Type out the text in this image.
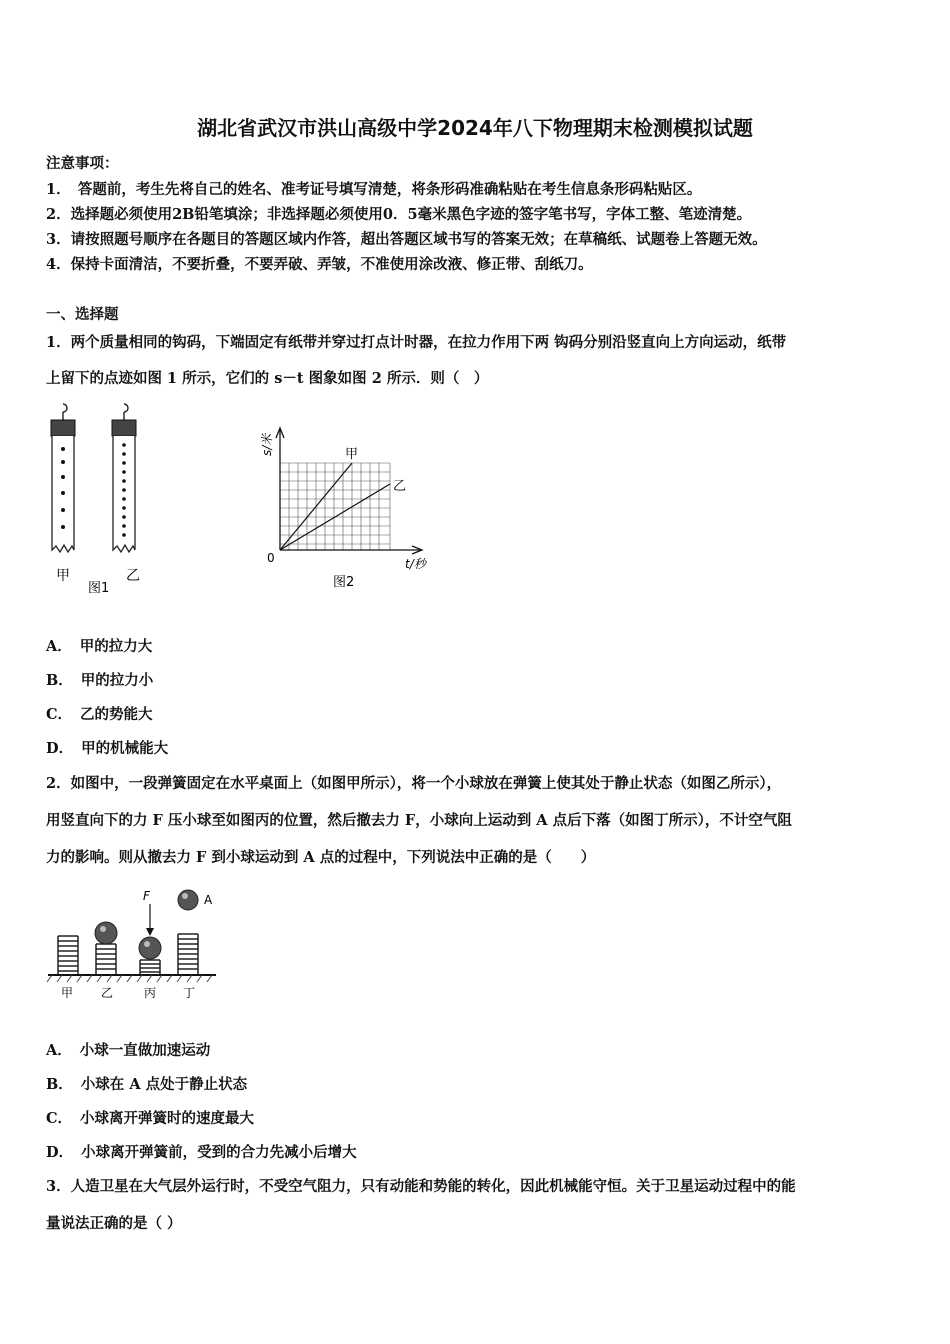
湖北省武汉市洪山高级中学2024年八下物理期末检测模拟试题
注意事项：
1．　答题前，考生先将自己的姓名、准考证号填写清楚，将条形码准确粘贴在考生信息条形码粘贴区。
2．选择题必须使用2B铅笔填涂；非选择题必须使用0．5毫米黑色字迹的签字笔书写，字体工整、笔迹清楚。
3．请按照题号顺序在各题目的答题区域内作答，超出答题区域书写的答案无效；在草稿纸、试题卷上答题无效。
4．保持卡面清洁，不要折叠，不要弄破、弄皱，不准使用涂改液、修正带、刮纸刀。
一、选择题
1．两个质量相同的钩码，下端固定有纸带并穿过打点计时器，在拉力作用下两 钩码分别沿竖直向上方向运动，纸带
上留下的点迹如图 1 所示，它们的 s－t 图象如图 2 所示．则（　）
甲	乙
图1
s/米
t/秒
0
甲
乙
图2
A． 甲的拉力大
B． 甲的拉力小
C． 乙的势能大
D． 甲的机械能大
2．如图中，一段弹簧固定在水平桌面上（如图甲所示），将一个小球放在弹簧上使其处于静止状态（如图乙所示），
用竖直向下的力 F 压小球至如图丙的位置，然后撤去力 F，小球向上运动到 A 点后下落（如图丁所示），不计空气阻
力的影响。则从撤去力 F 到小球运动到 A 点的过程中，下列说法中正确的是（　　）
F	A
甲 乙	丙 丁
A． 小球一直做加速运动
B． 小球在 A 点处于静止状态
C． 小球离开弹簧时的速度最大
D． 小球离开弹簧前，受到的合力先减小后增大
3．人造卫星在大气层外运行时，不受空气阻力，只有动能和势能的转化，因此机械能守恒。关于卫星运动过程中的能
量说法正确的是（ ）
